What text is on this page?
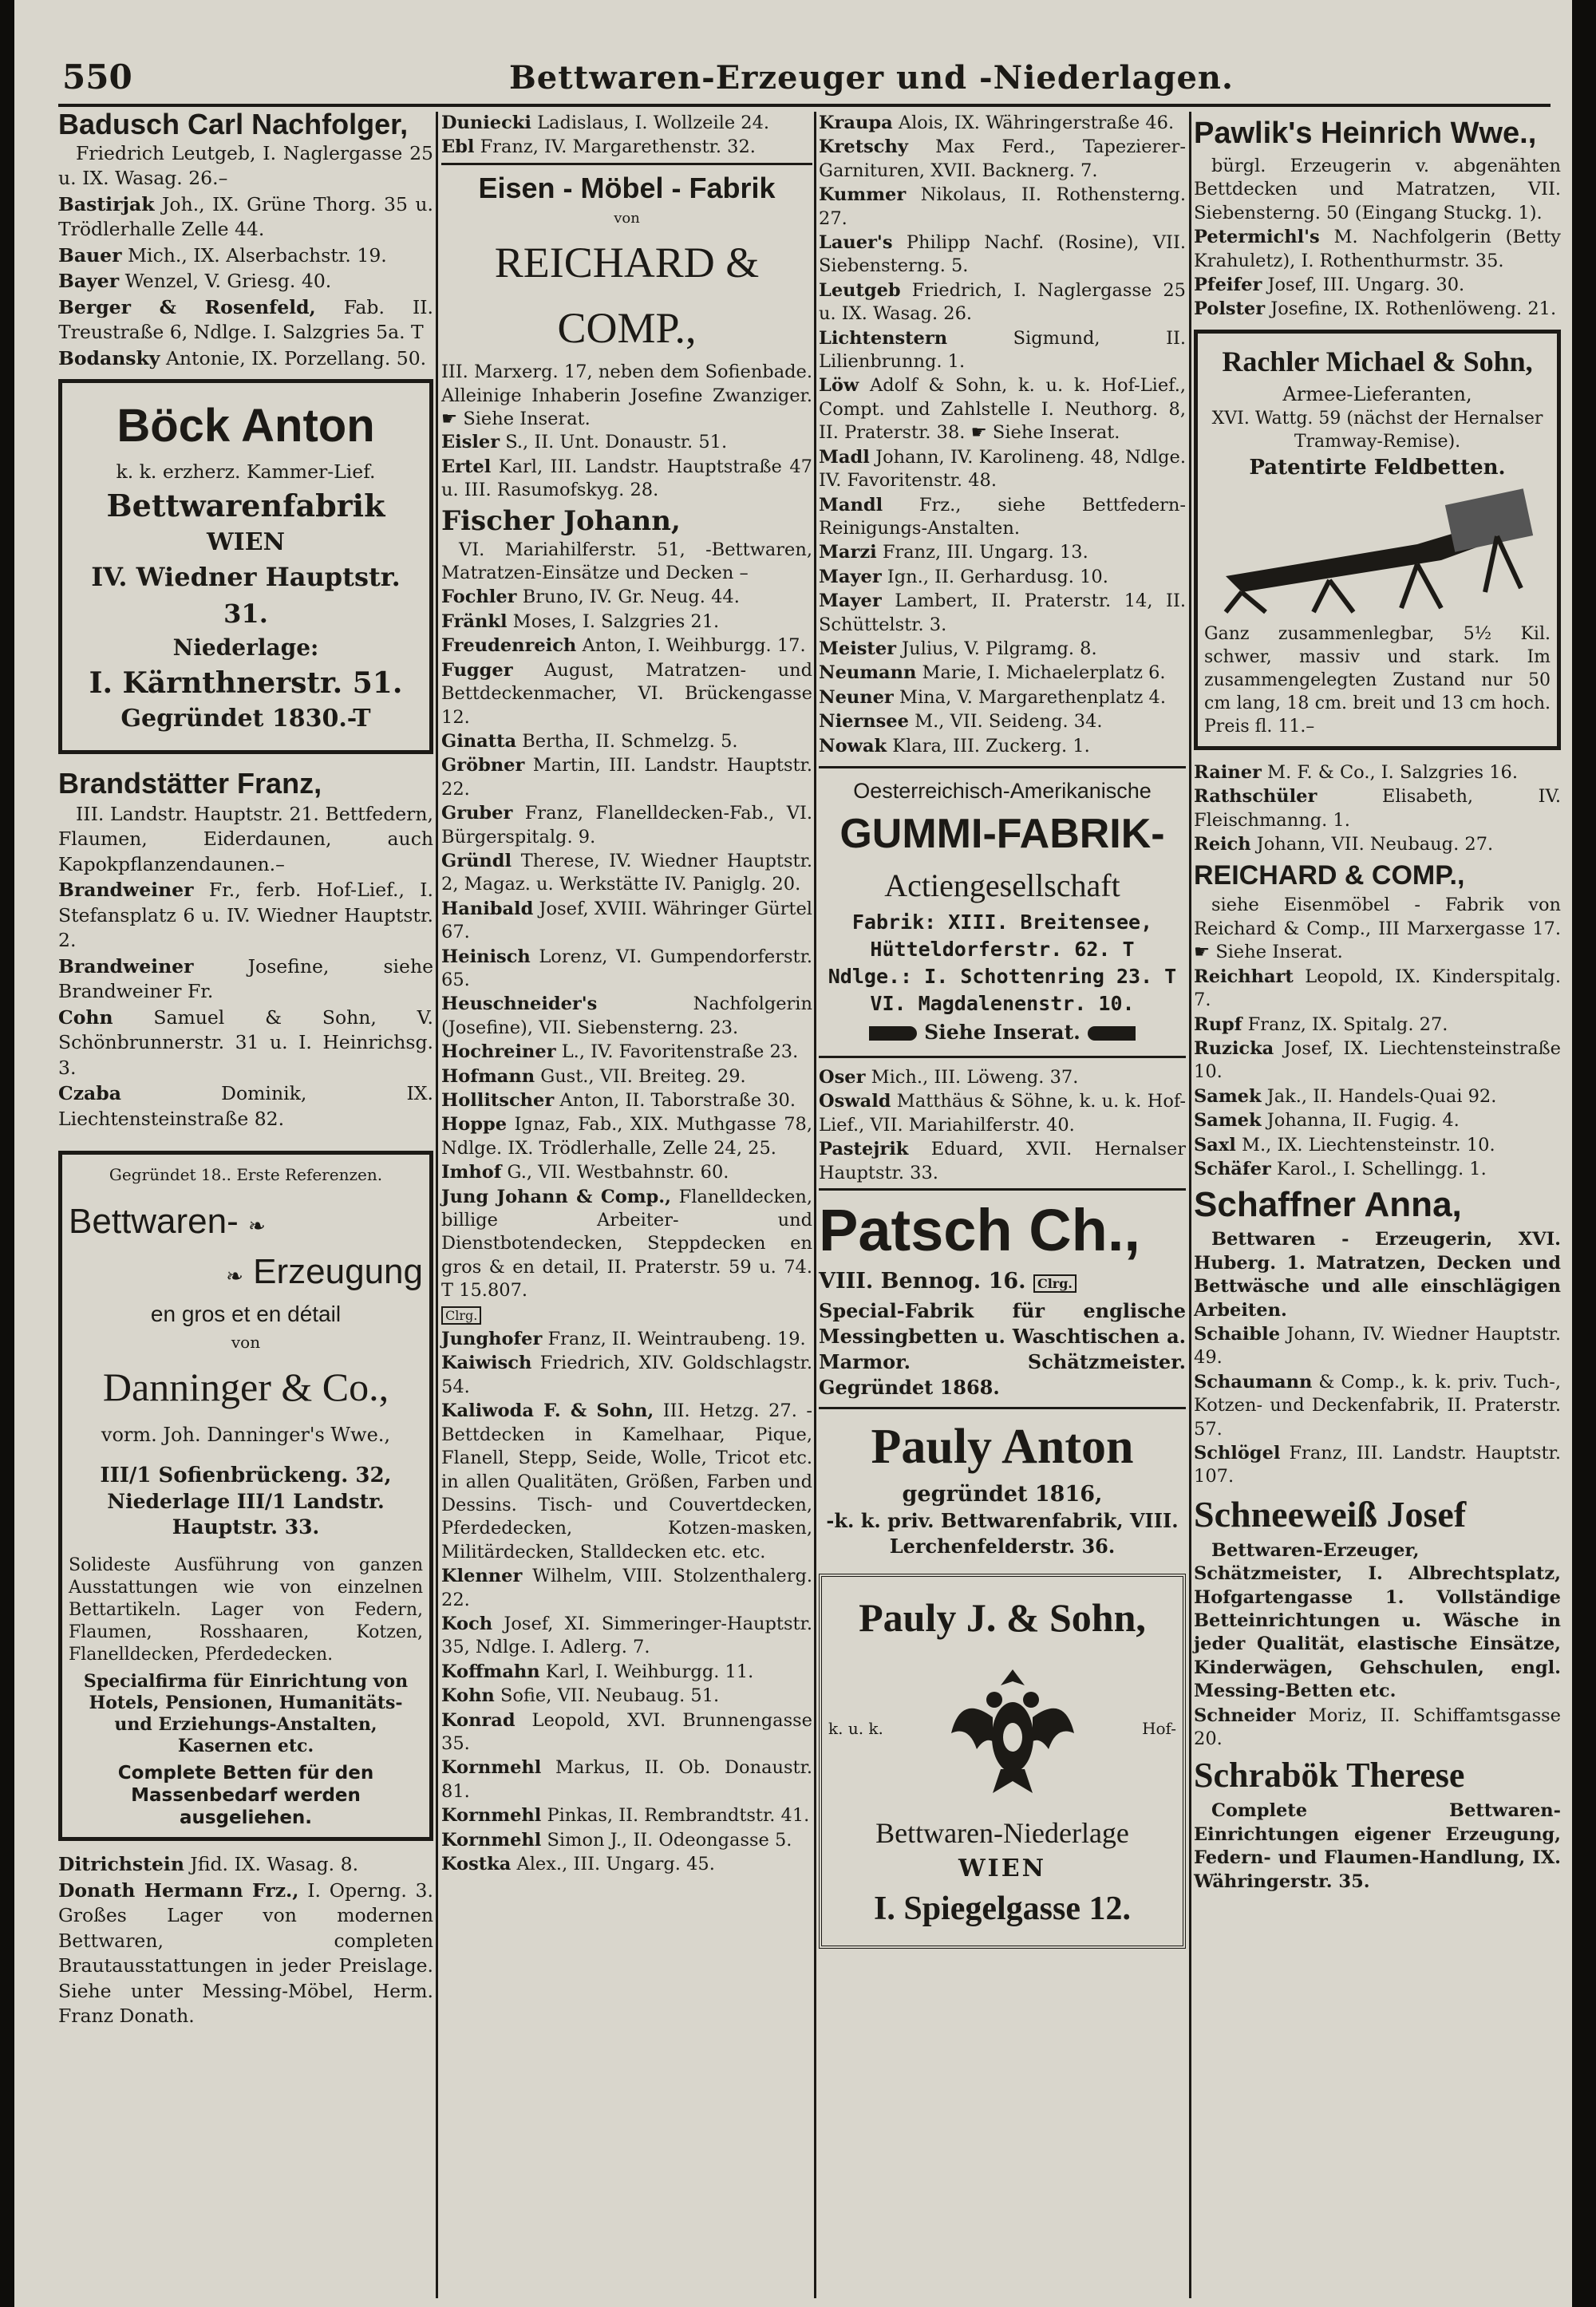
550	Bettwaren-Erzeuger und -Niederlagen.
Badusch Carl Nachfolger,
Friedrich Leutgeb, I. Naglergasse 25 u. IX. Wasag. 26.–
Bastirjak Joh., IX. Grüne Thorg. 35 u. Trödlerhalle Zelle 44.
Bauer Mich., IX. Alserbachstr. 19.
Bayer Wenzel, V. Griesg. 40.
Berger & Rosenfeld, Fab. II. Treustraße 6, Ndlge. I. Salzgries 5a. T
Bodansky Antonie, IX. Porzellang. 50.
Böck Anton
k. k. erzherz. Kammer-Lief.
Bettwarenfabrik
WIEN
IV. Wiedner Hauptstr. 31.
Niederlage:
I. Kärnthnerstr. 51.
Gegründet 1830.-T
Brandstätter Franz,
III. Landstr. Hauptstr. 21. Bettfedern, Flaumen, Eiderdaunen, auch Kapokpflanzendaunen.–
Brandweiner Fr., ferb. Hof-Lief., I. Stefansplatz 6 u. IV. Wiedner Hauptstr. 2.
Brandweiner	Josefine, siehe Brandweiner Fr.
Cohn Samuel & Sohn, V. Schönbrunnerstr. 31 u. I. Heinrichsg. 3.
Czaba	Dominik, IX. Liechtensteinstraße 82.
Gegründet 18.. Erste Referenzen.
Bettwaren- ❧
❧ Erzeugung
en gros et en détail
von
Danninger & Co.,
vorm. Joh. Danninger's Wwe.,
III/1 Sofienbrückeng. 32,
Niederlage III/1 Landstr. Hauptstr. 33.
Solideste Ausführung von ganzen Ausstattungen wie von einzelnen Bettartikeln. Lager von Federn, Flaumen, Rosshaaren, Kotzen, Flanelldecken, Pferdedecken.
Specialfirma für Einrichtung von Hotels, Pensionen, Humanitäts- und Erziehungs-Anstalten, Kasernen etc.
Complete Betten für den Massenbedarf werden ausgeliehen.
Ditrichstein Jfid. IX. Wasag. 8.
Donath Hermann Frz., I. Operng. 3. Großes Lager von modernen Bettwaren, completen Brautausstattungen in jeder Preislage. Siehe unter Messing-Möbel, Herm. Franz Donath.
Duniecki Ladislaus, I. Wollzeile 24.
Ebl Franz, IV. Margarethenstr. 32.
Eisen - Möbel - Fabrik
von
REICHARD & COMP.,
III. Marxerg. 17, neben dem Sofienbade. Alleinige Inhaberin Josefine Zwanziger. ☛ Siehe Inserat.
Eisler S., II. Unt. Donaustr. 51.
Ertel Karl, III. Landstr. Hauptstraße 47 u. III. Rasumofskyg. 28.
Fischer Johann,
VI. Mariahilferstr. 51, -Bettwaren, Matratzen-Einsätze und Decken –
Fochler Bruno, IV. Gr. Neug. 44.
Fränkl Moses, I. Salzgries 21.
Freudenreich Anton, I. Weihburgg. 17.
Fugger August, Matratzen- und Bettdeckenmacher, VI. Brückengasse 12.
Ginatta Bertha, II. Schmelzg. 5.
Gröbner Martin, III. Landstr. Hauptstr. 22.
Gruber Franz, Flanelldecken-Fab., VI. Bürgerspitalg. 9.
Gründl Therese, IV. Wiedner Hauptstr. 2, Magaz. u. Werkstätte IV. Paniglg. 20.
Hanibald Josef, XVIII. Währinger Gürtel 67.
Heinisch Lorenz, VI. Gumpendorferstr. 65.
Heuschneider's	Nachfolgerin (Josefine), VII. Siebensterng. 23.
Hochreiner L., IV. Favoritenstraße 23.
Hofmann Gust., VII. Breiteg. 29.
Hollitscher Anton, II. Taborstraße 30.
Hoppe Ignaz, Fab., XIX. Muthgasse 78, Ndlge. IX. Trödlerhalle, Zelle 24, 25.
Imhof G., VII. Westbahnstr. 60.
Jung Johann & Comp., Flanelldecken, billige Arbeiter- und Dienstbotendecken, Steppdecken en gros & en detail, II. Praterstr. 59 u. 74. T 15.807.
Clrg.
Junghofer Franz, II. Weintraubeng. 19.
Kaiwisch Friedrich, XIV. Goldschlagstr. 54.
Kaliwoda F. & Sohn, III. Hetzg. 27. -Bettdecken in Kamelhaar, Pique, Flanell, Stepp, Seide, Wolle, Tricot etc. in allen Qualitäten, Größen, Farben und Dessins. Tisch- und Couvertdecken, Pferdedecken, Kotzen-masken, Militärdecken, Stalldecken etc. etc.
Klenner Wilhelm, VIII. Stolzenthalerg. 22.
Koch Josef, XI. Simmeringer-Hauptstr. 35, Ndlge. I. Adlerg. 7.
Koffmahn Karl, I. Weihburgg. 11.
Kohn Sofie, VII. Neubaug. 51.
Konrad Leopold, XVI. Brunnengasse 35.
Kornmehl Markus, II. Ob. Donaustr. 81.
Kornmehl Pinkas, II. Rembrandtstr. 41.
Kornmehl Simon J., II. Odeongasse 5.
Kostka Alex., III. Ungarg. 45.
Kraupa Alois, IX. Währingerstraße 46.
Kretschy Max Ferd., Tapezierer-Garnituren, XVII. Backnerg. 7.
Kummer Nikolaus, II. Rothensterng. 27.
Lauer's Philipp Nachf. (Rosine), VII. Siebensterng. 5.
Leutgeb Friedrich, I. Naglergasse 25 u. IX. Wasag. 26.
Lichtenstern	Sigmund, II. Lilienbrunng. 1.
Löw Adolf & Sohn, k. u. k. Hof-Lief., Compt. und Zahlstelle I. Neuthorg. 8, II. Praterstr. 38. ☛ Siehe Inserat.
Madl Johann, IV. Karolineng. 48, Ndlge. IV. Favoritenstr. 48.
Mandl Frz., siehe Bettfedern-Reinigungs-Anstalten.
Marzi Franz, III. Ungarg. 13.
Mayer Ign., II. Gerhardusg. 10.
Mayer Lambert, II. Praterstr. 14, II. Schüttelstr. 3.
Meister Julius, V. Pilgramg. 8.
Neumann Marie, I. Michaelerplatz 6.
Neuner Mina, V. Margarethenplatz 4.
Niernsee M., VII. Seideng. 34.
Nowak Klara, III. Zuckerg. 1.
Oesterreichisch-Amerikanische
GUMMI-FABRIK-
Actiengesellschaft
Fabrik: XIII. Breitensee, Hütteldorferstr. 62. T
Ndlge.: I. Schottenring 23. T
VI. Magdalenenstr. 10.
Siehe Inserat.
Oser Mich., III. Löweng. 37.
Oswald Matthäus & Söhne, k. u. k. Hof-Lief., VII. Mariahilferstr. 40.
Pastejrik Eduard, XVII. Hernalser Hauptstr. 33.
Patsch Ch.,
VIII. Bennog. 16. Clrg.
Special-Fabrik für englische Messingbetten u. Waschtischen a. Marmor. Schätzmeister. Gegründet 1868.
Pauly Anton
gegründet 1816,
-k. k. priv. Bettwarenfabrik, VIII. Lerchenfelderstr. 36.
Pauly J. & Sohn,
k. u. k.	Hof-
Bettwaren-Niederlage
WIEN
I. Spiegelgasse 12.
Pawlik's Heinrich Wwe.,
bürgl. Erzeugerin v. abgenähten Bettdecken und Matratzen, VII. Siebensterng. 50 (Eingang Stuckg. 1).
Petermichl's M. Nachfolgerin (Betty Krahuletz), I. Rothenthurmstr. 35.
Pfeifer Josef, III. Ungarg. 30.
Polster Josefine, IX. Rothenlöweng. 21.
Rachler Michael & Sohn,
Armee-Lieferanten,
XVI. Wattg. 59 (nächst der Hernalser Tramway-Remise).
Patentirte Feldbetten.
Ganz zusammenlegbar, 5½ Kil. schwer, massiv und stark. Im zusammengelegten Zustand nur 50 cm lang, 18 cm. breit und 13 cm hoch. Preis fl. 11.–
Rainer M. F. & Co., I. Salzgries 16.
Rathschüler	Elisabeth, IV. Fleischmanng. 1.
Reich Johann, VII. Neubaug. 27.
REICHARD & COMP.,
siehe Eisenmöbel - Fabrik von Reichard & Comp., III Marxergasse 17. ☛ Siehe Inserat.
Reichhart Leopold, IX. Kinderspitalg. 7.
Rupf Franz, IX. Spitalg. 27.
Ruzicka Josef, IX. Liechtensteinstraße 10.
Samek Jak., II. Handels-Quai 92.
Samek Johanna, II. Fugig. 4.
Saxl M., IX. Liechtensteinstr. 10.
Schäfer Karol., I. Schellingg. 1.
Schaffner Anna,
Bettwaren - Erzeugerin, XVI. Huberg. 1. Matratzen, Decken und Bettwäsche und alle einschlägigen Arbeiten.
Schaible Johann, IV. Wiedner Hauptstr. 49.
Schaumann & Comp., k. k. priv. Tuch-, Kotzen- und Deckenfabrik, II. Praterstr. 57.
Schlögel Franz, III. Landstr. Hauptstr. 107.
Schneeweiß Josef
Bettwaren-Erzeuger, Schätzmeister, I. Albrechtsplatz, Hofgartengasse 1. Vollständige Betteinrichtungen u. Wäsche in jeder Qualität, elastische Einsätze, Kinderwägen, Gehschulen, engl. Messing-Betten etc.
Schneider Moriz, II. Schiffamtsgasse 20.
Schrabök Therese
Complete Bettwaren-Einrichtungen eigener Erzeugung, Federn- und Flaumen-Handlung, IX. Währingerstr. 35.
